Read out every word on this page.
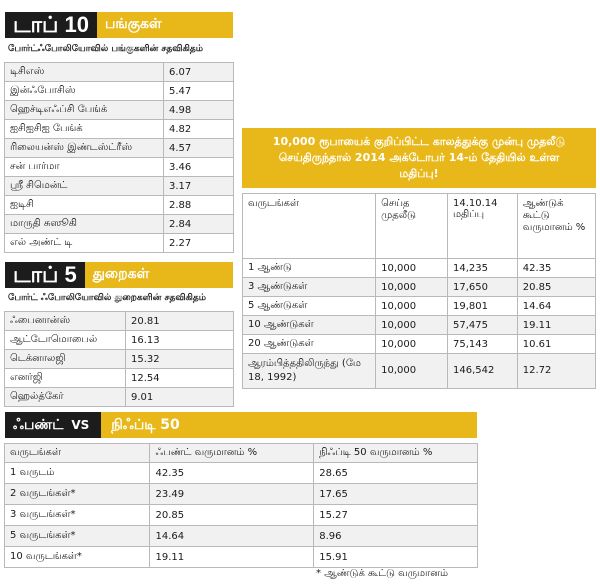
டாப் 10	பங்குகள்
போர்ட்ஃபோலியோவில் பங்குகளின் சதவிகிதம்
டிசிஎஸ்	6.07
இன்ஃபோசிஸ்	5.47
ஹெச்டிஎஃப்சி பேங்க்	4.98
ஐசிஐசிஐ பேங்க்	4.82
ரிலையன்ஸ் இண்டஸ்ட்ரீஸ்	4.57
சன் பார்மா	3.46
ஸ்ரீ சிமென்ட்	3.17
ஐடிசி	2.88
மாருதி சுஸூகி	2.84
எல் அண்ட் டி	2.27
டாப் 5	துறைகள்
போர்ட் ஃபோலியோவில் துறைகளின் சதவிகிதம்
ஃபைனான்ஸ்	20.81
ஆட்டோமொபைல்	16.13
டெக்னாலஜி	15.32
எனர்ஜி	12.54
ஹெல்த்கேர்	9.01
10,000 ரூபாயைக் குறிப்பிட்ட காலத்துக்கு முன்பு முதலீடு செய்திருந்தால் 2014 அக்டோபர் 14-ம் தேதியில் உள்ள மதிப்பு!
வருடங்கள்	செய்த முதலீடு	14.10.14 மதிப்பு	ஆண்டுக் கூட்டு வருமானம் %
1 ஆண்டு	10,000	14,235	42.35
3 ஆண்டுகள்	10,000	17,650	20.85
5 ஆண்டுகள்	10,000	19,801	14.64
10 ஆண்டுகள்	10,000	57,475	19.11
20 ஆண்டுகள்	10,000	75,143	10.61
ஆரம்பித்ததிலிருந்து (மே 18, 1992)	10,000	146,542	12.72
ஃபண்ட் VS	நிஃப்டி 50
வருடங்கள்	ஃபண்ட் வருமானம் %	நிஃப்டி 50 வருமானம் %
1 வருடம்	42.35	28.65
2 வருடங்கள்*	23.49	17.65
3 வருடங்கள்*	20.85	15.27
5 வருடங்கள்*	14.64	8.96
10 வருடங்கள்*	19.11	15.91
* ஆண்டுக் கூட்டு வருமானம்
